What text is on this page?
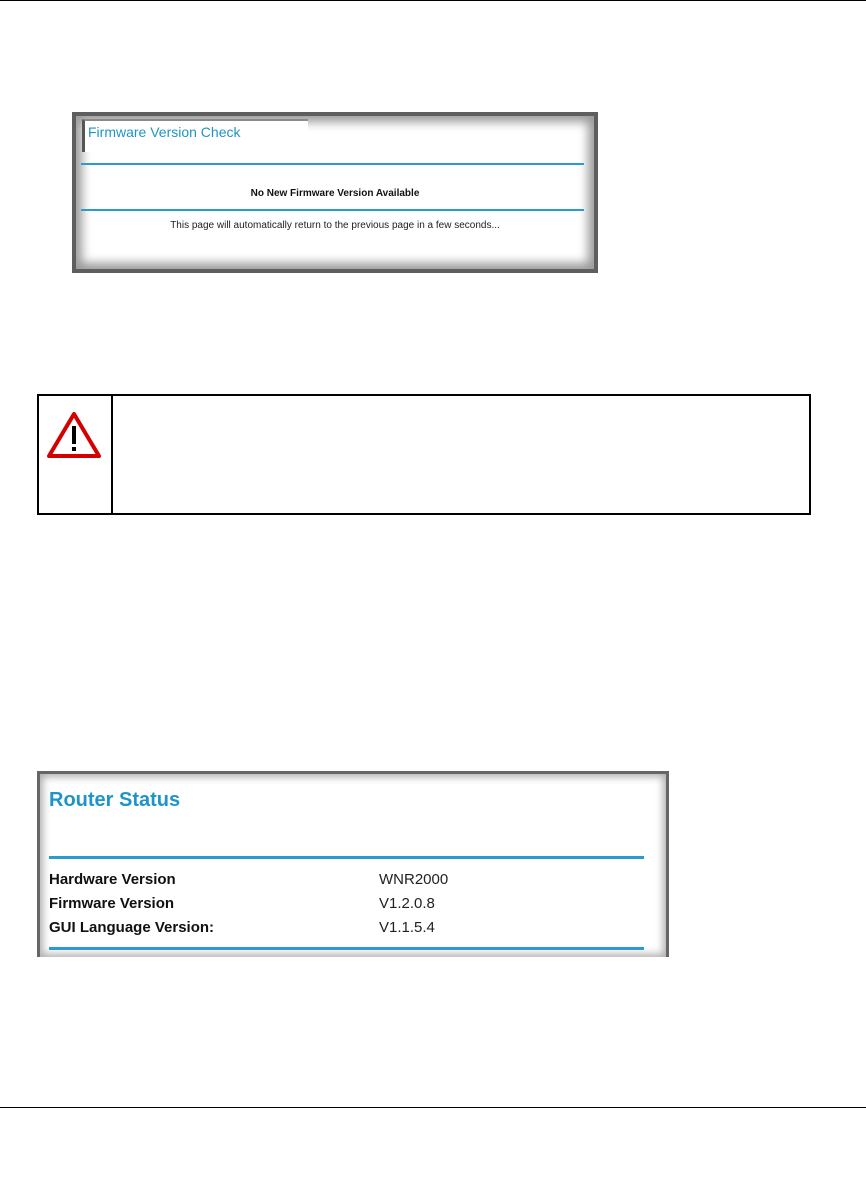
Firmware Version Check
No New Firmware Version Available
This page will automatically return to the previous page in a few seconds...
Router Status
Hardware Version	WNR2000
Firmware Version	V1.2.0.8
GUI Language Version:	V1.1.5.4
